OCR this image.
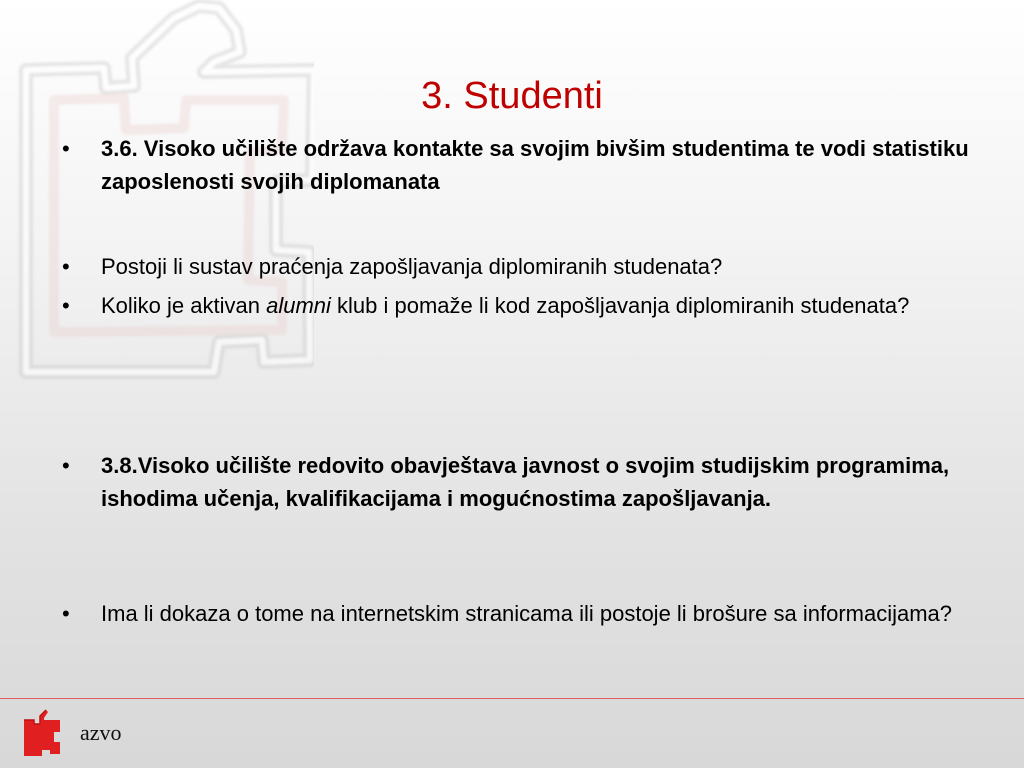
3. Studenti
• 3.6. Visoko učilište održava kontakte sa svojim bivšim studentima te vodi statistiku zaposlenosti svojih diplomanata
• Postoji li sustav praćenja zapošljavanja diplomiranih studenata?
• Koliko je aktivan alumni klub i pomaže li kod zapošljavanja diplomiranih studenata?
• 3.8.Visoko učilište redovito obavještava javnost o svojim studijskim programima, ishodima učenja, kvalifikacijama i mogućnostima zapošljavanja.
• Ima li dokaza o tome na internetskim stranicama ili postoje li brošure sa informacijama?
azvo
